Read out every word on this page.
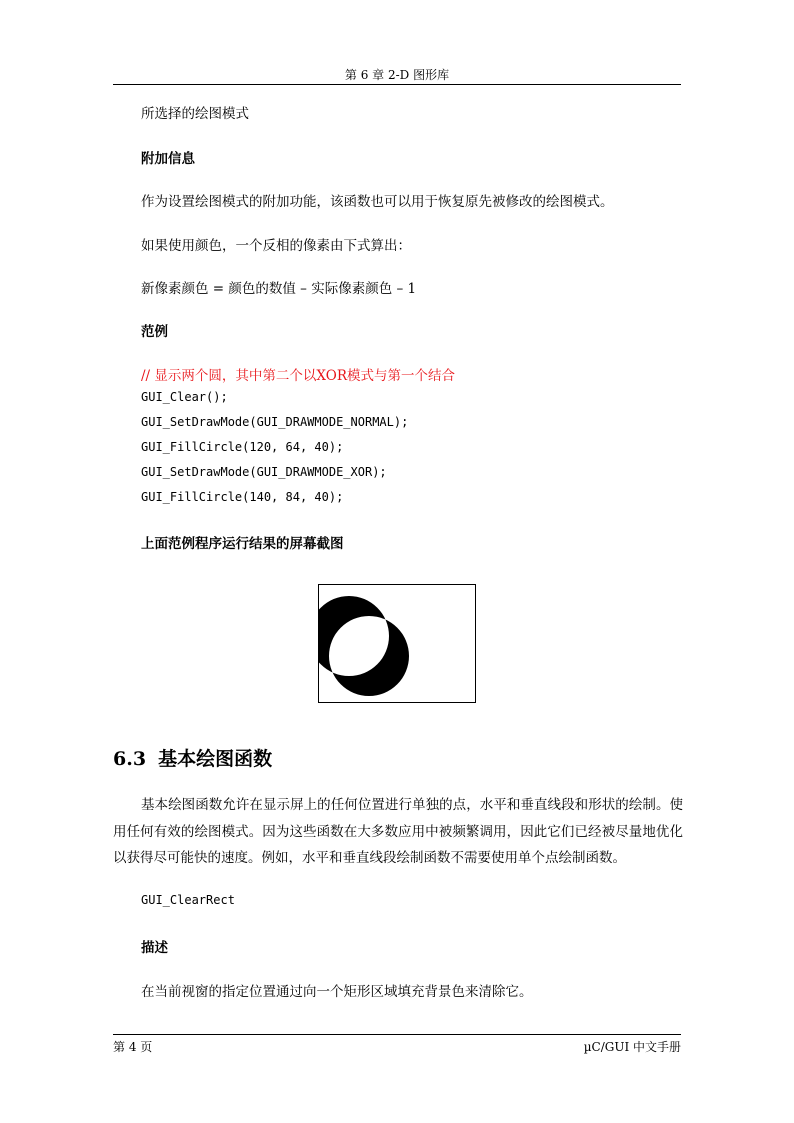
第 6 章 2-D 图形库
所选择的绘图模式
附加信息
作为设置绘图模式的附加功能，该函数也可以用于恢复原先被修改的绘图模式。
如果使用颜色，一个反相的像素由下式算出：
新像素颜色 = 颜色的数值 – 实际像素颜色 – 1
范例
// 显示两个圆，其中第二个以XOR模式与第一个结合
GUI_Clear();
GUI_SetDrawMode(GUI_DRAWMODE_NORMAL);
GUI_FillCircle(120, 64, 40);
GUI_SetDrawMode(GUI_DRAWMODE_XOR);
GUI_FillCircle(140, 84, 40);
上面范例程序运行结果的屏幕截图
6.3 基本绘图函数
基本绘图函数允许在显示屏上的任何位置进行单独的点，水平和垂直线段和形状的绘制。使用任何有效的绘图模式。因为这些函数在大多数应用中被频繁调用，因此它们已经被尽量地优化以获得尽可能快的速度。例如，水平和垂直线段绘制函数不需要使用单个点绘制函数。
GUI_ClearRect
描述
在当前视窗的指定位置通过向一个矩形区域填充背景色来清除它。
第 4 页	µC/GUI 中文手册
